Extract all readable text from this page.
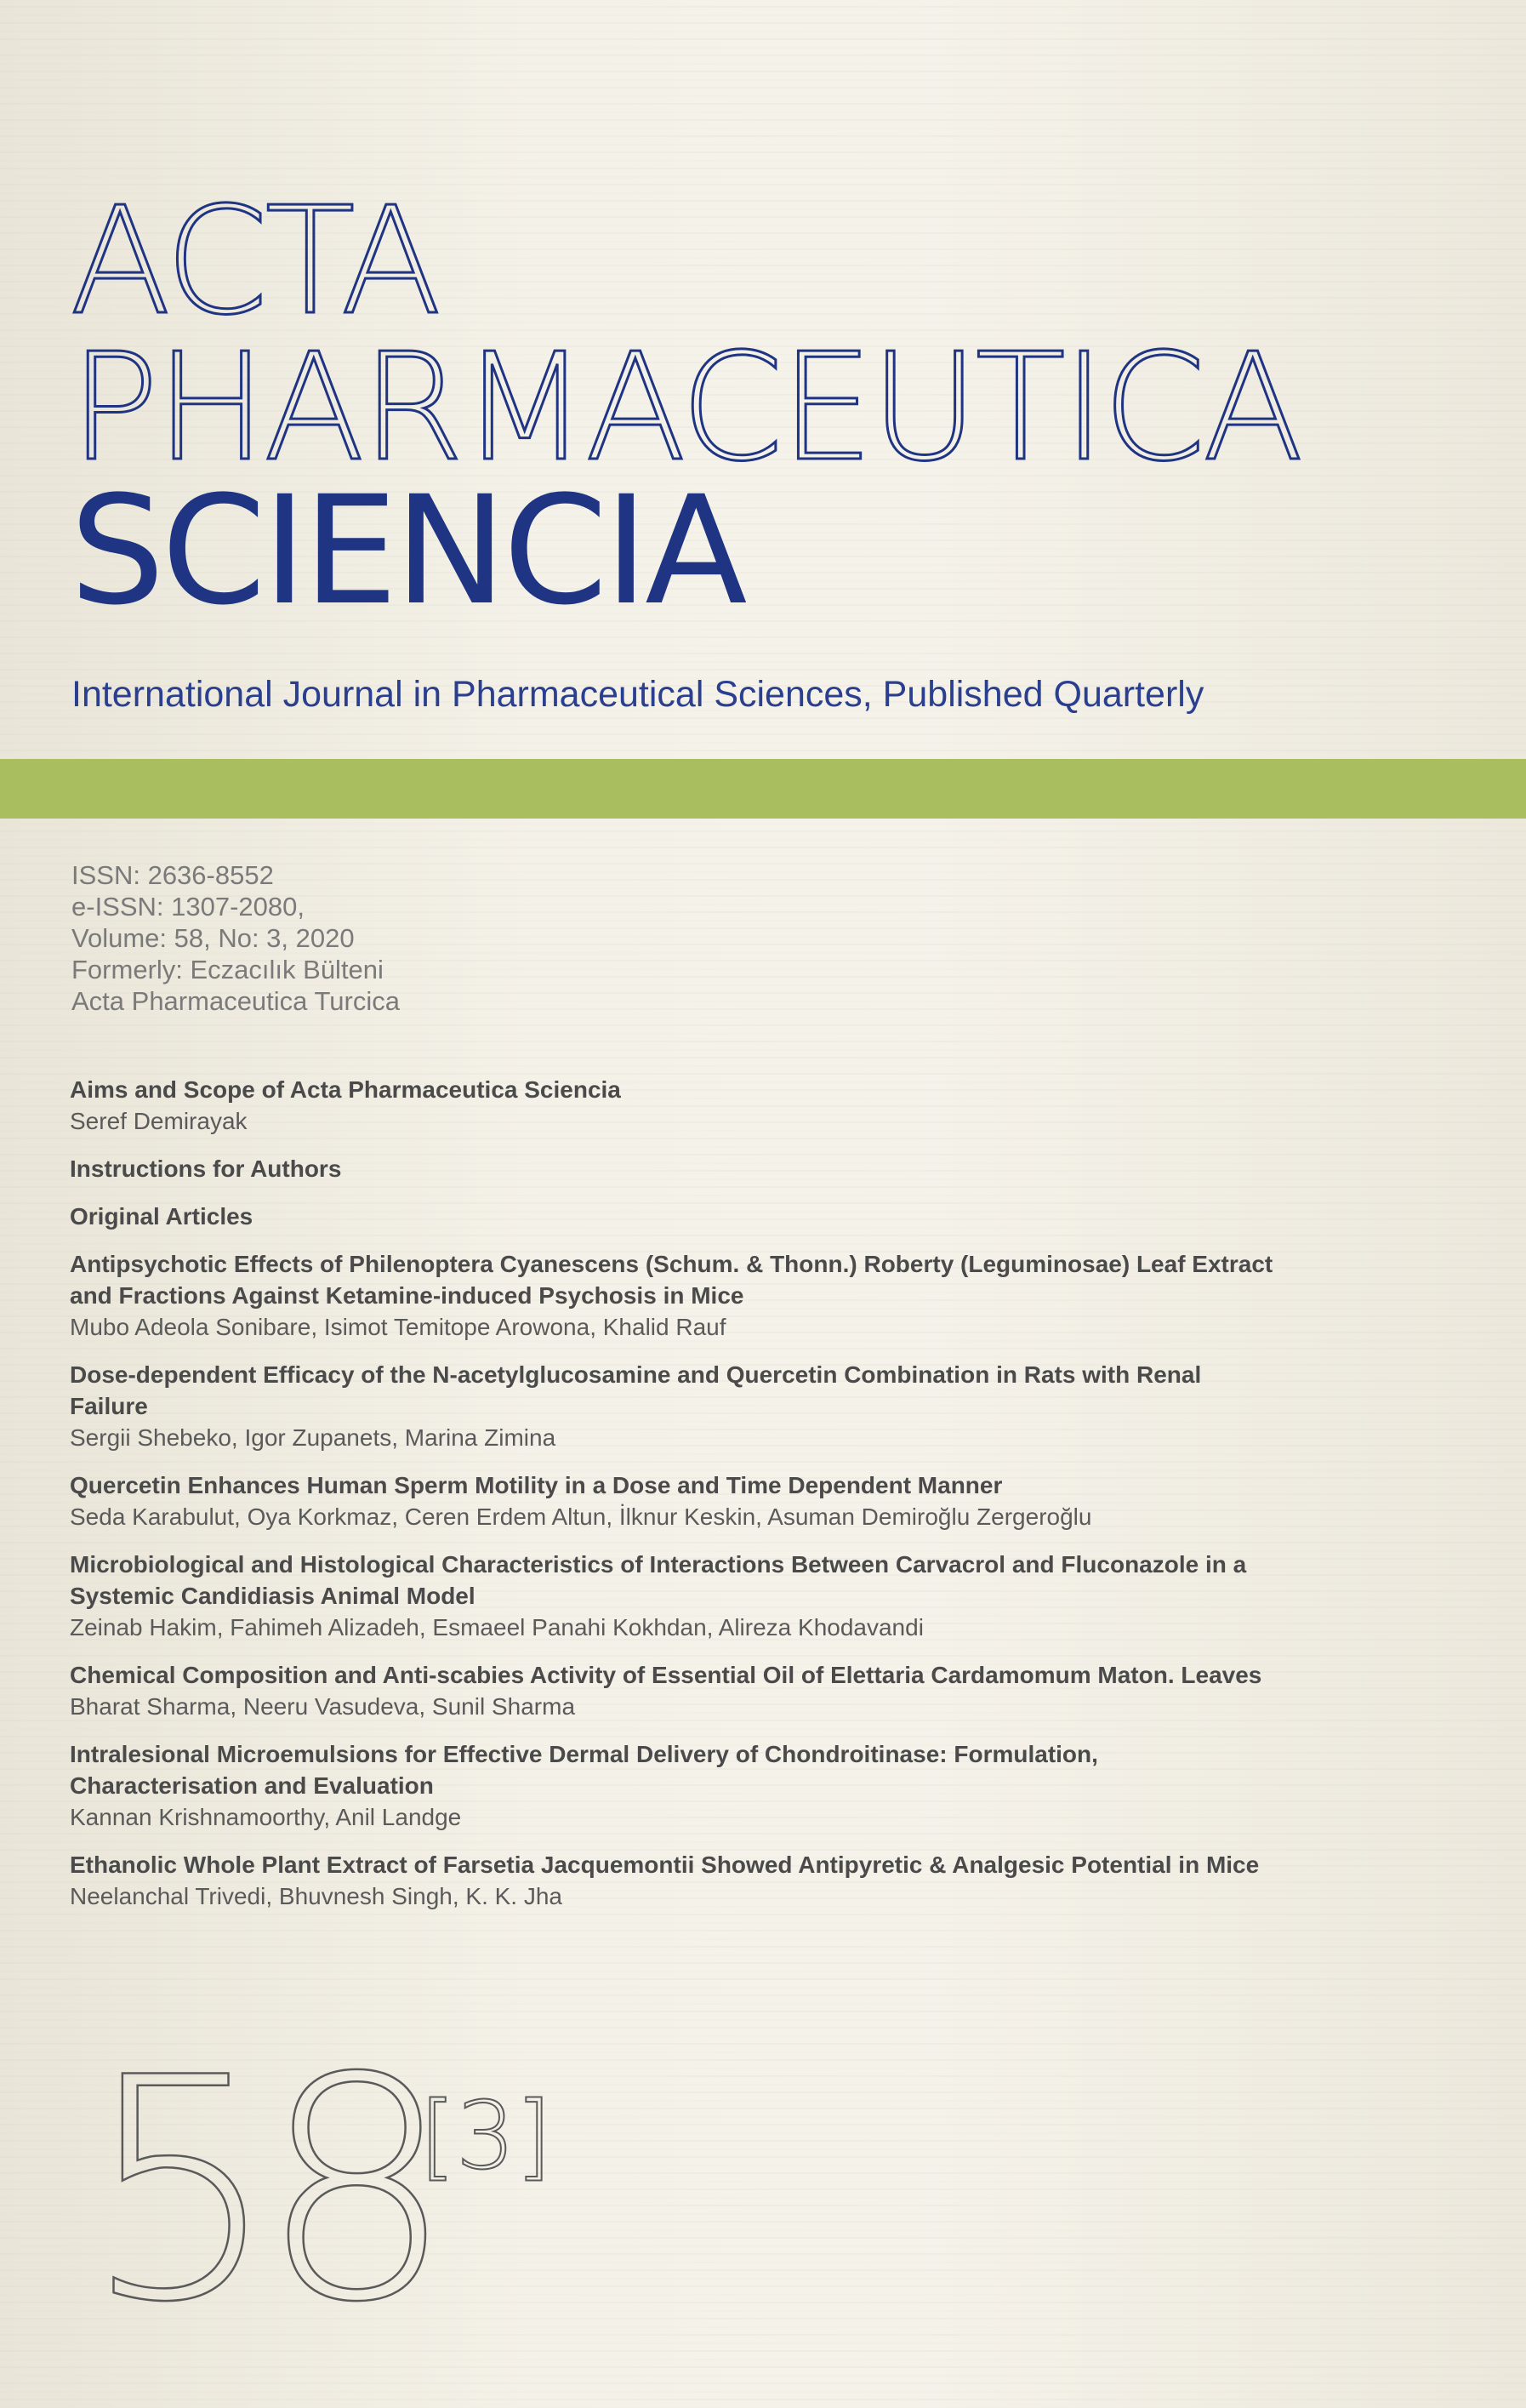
ACTA
PHARMACEUTICA
SCIENCIA
International Journal in Pharmaceutical Sciences, Published Quarterly
ISSN: 2636-8552
e-ISSN: 1307-2080,
Volume: 58, No: 3, 2020
Formerly: Eczacılık Bülteni
Acta Pharmaceutica Turcica
Aims and Scope of Acta Pharmaceutica Sciencia
Seref Demirayak
Instructions for Authors
Original Articles
Antipsychotic Effects of Philenoptera Cyanescens (Schum. & Thonn.) Roberty (Leguminosae) Leaf Extract and Fractions Against Ketamine-induced Psychosis in Mice
Mubo Adeola Sonibare, Isimot Temitope Arowona, Khalid Rauf
Dose-dependent Efficacy of the N-acetylglucosamine and Quercetin Combination in Rats with Renal Failure
Sergii Shebeko, Igor Zupanets, Marina Zimina
Quercetin Enhances Human Sperm Motility in a Dose and Time Dependent Manner
Seda Karabulut, Oya Korkmaz, Ceren Erdem Altun, İlknur Keskin, Asuman Demiroğlu Zergeroğlu
Microbiological and Histological Characteristics of Interactions Between Carvacrol and Fluconazole in a Systemic Candidiasis Animal Model
Zeinab Hakim, Fahimeh Alizadeh, Esmaeel Panahi Kokhdan, Alireza Khodavandi
Chemical Composition and Anti-scabies Activity of Essential Oil of Elettaria Cardamomum Maton. Leaves
Bharat Sharma, Neeru Vasudeva, Sunil Sharma
Intralesional Microemulsions for Effective Dermal Delivery of Chondroitinase: Formulation, Characterisation and Evaluation
Kannan Krishnamoorthy, Anil Landge
Ethanolic Whole Plant Extract of Farsetia Jacquemontii Showed Antipyretic & Analgesic Potential in Mice
Neelanchal Trivedi, Bhuvnesh Singh, K. K. Jha
58
[3]
